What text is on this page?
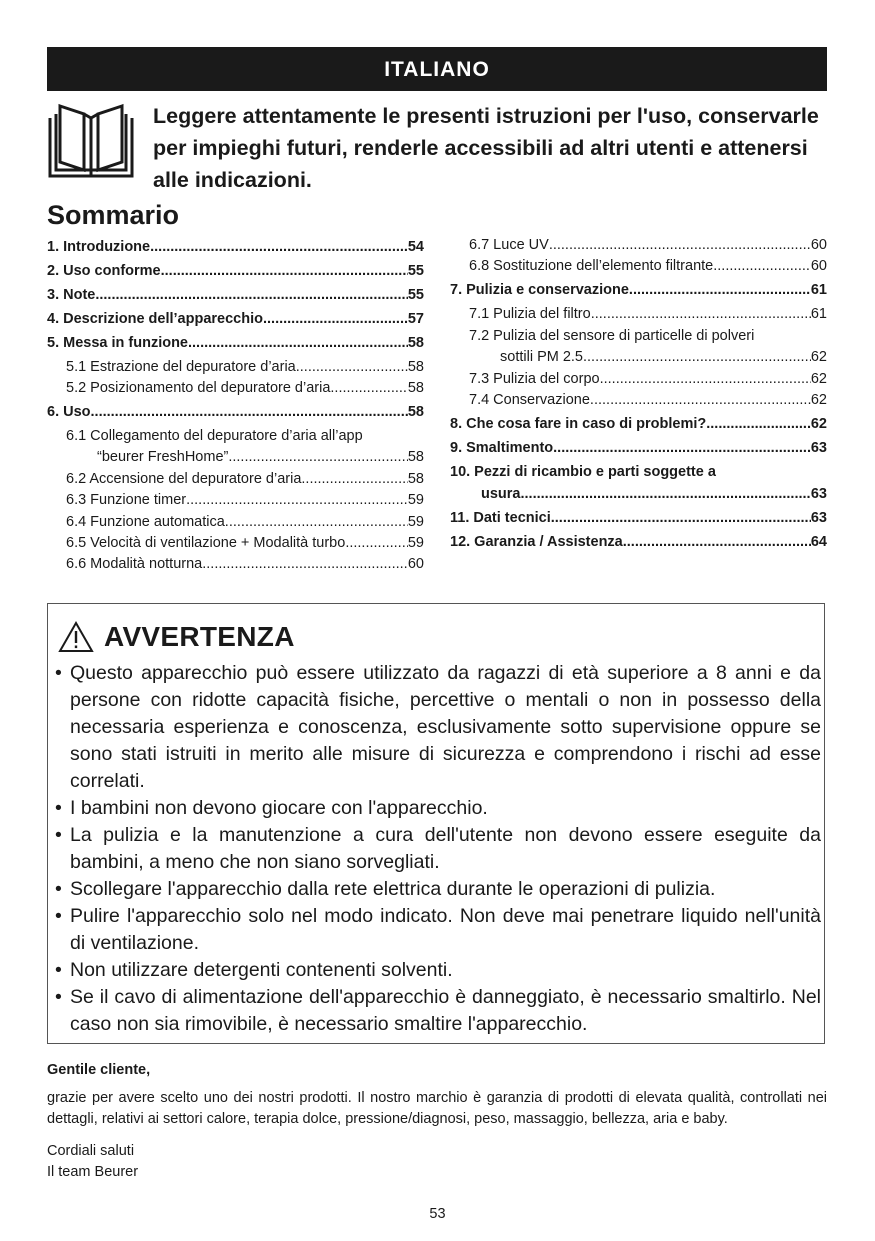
ITALIANO
Leggere attentamente le presenti istruzioni per l'uso, conservarle per impieghi futuri, renderle accessibili ad altri utenti e attenersi alle indicazioni.
Sommario
1. Introduzione .....	54
2. Uso conforme .....	55
3. Note .....	55
4. Descrizione dell’apparecchio .....	57
5. Messa in funzione .....	58
5.1 Estrazione del depuratore d’aria .....	58
5.2 Posizionamento del depuratore d’aria .....	58
6. Uso .....	58
6.1 Collegamento del depuratore d’aria all’app
“beurer FreshHome” .....	58
6.2 Accensione del depuratore d’aria .....	58
6.3 Funzione timer .....	59
6.4 Funzione automatica .....	59
6.5 Velocità di ventilazione + Modalità turbo .....	59
6.6 Modalità notturna .....	60
6.7 Luce UV .....	60
6.8 Sostituzione dell’elemento filtrante .....	60
7. Pulizia e conservazione .....	61
7.1 Pulizia del filtro .....	61
7.2 Pulizia del sensore di particelle di polveri
sottili PM 2.5 .....	62
7.3 Pulizia del corpo .....	62
7.4 Conservazione .....	62
8. Che cosa fare in caso di problemi? .....	62
9. Smaltimento .....	63
10. Pezzi di ricambio e parti soggette a
usura .....	63
11. Dati tecnici .....	63
12. Garanzia / Assistenza .....	64
AVVERTENZA
• Questo apparecchio può essere utilizzato da ragazzi di età superiore a 8 anni e da persone con ridotte capacità fisiche, percettive o mentali o non in possesso della necessaria esperienza e conoscenza, esclusivamente sotto supervisione oppure se sono stati istruiti in merito alle misure di sicurezza e comprendono i rischi ad esse correlati.
• I bambini non devono giocare con l'apparecchio.
• La pulizia e la manutenzione a cura dell'utente non devono essere eseguite da bambini, a meno che non siano sorvegliati.
• Scollegare l'apparecchio dalla rete elettrica durante le operazioni di pulizia.
• Pulire l'apparecchio solo nel modo indicato. Non deve mai penetrare liquido nell'unità di ventilazione.
• Non utilizzare detergenti contenenti solventi.
• Se il cavo di alimentazione dell'apparecchio è danneggiato, è necessario smaltirlo. Nel caso non sia rimovibile, è necessario smaltire l'apparecchio.
Gentile cliente,
grazie per avere scelto uno dei nostri prodotti. Il nostro marchio è garanzia di prodotti di elevata qualità, controllati nei dettagli, relativi ai settori calore, terapia dolce, pressione/diagnosi, peso, massaggio, bellezza, aria e baby.
Cordiali saluti
Il team Beurer
53
